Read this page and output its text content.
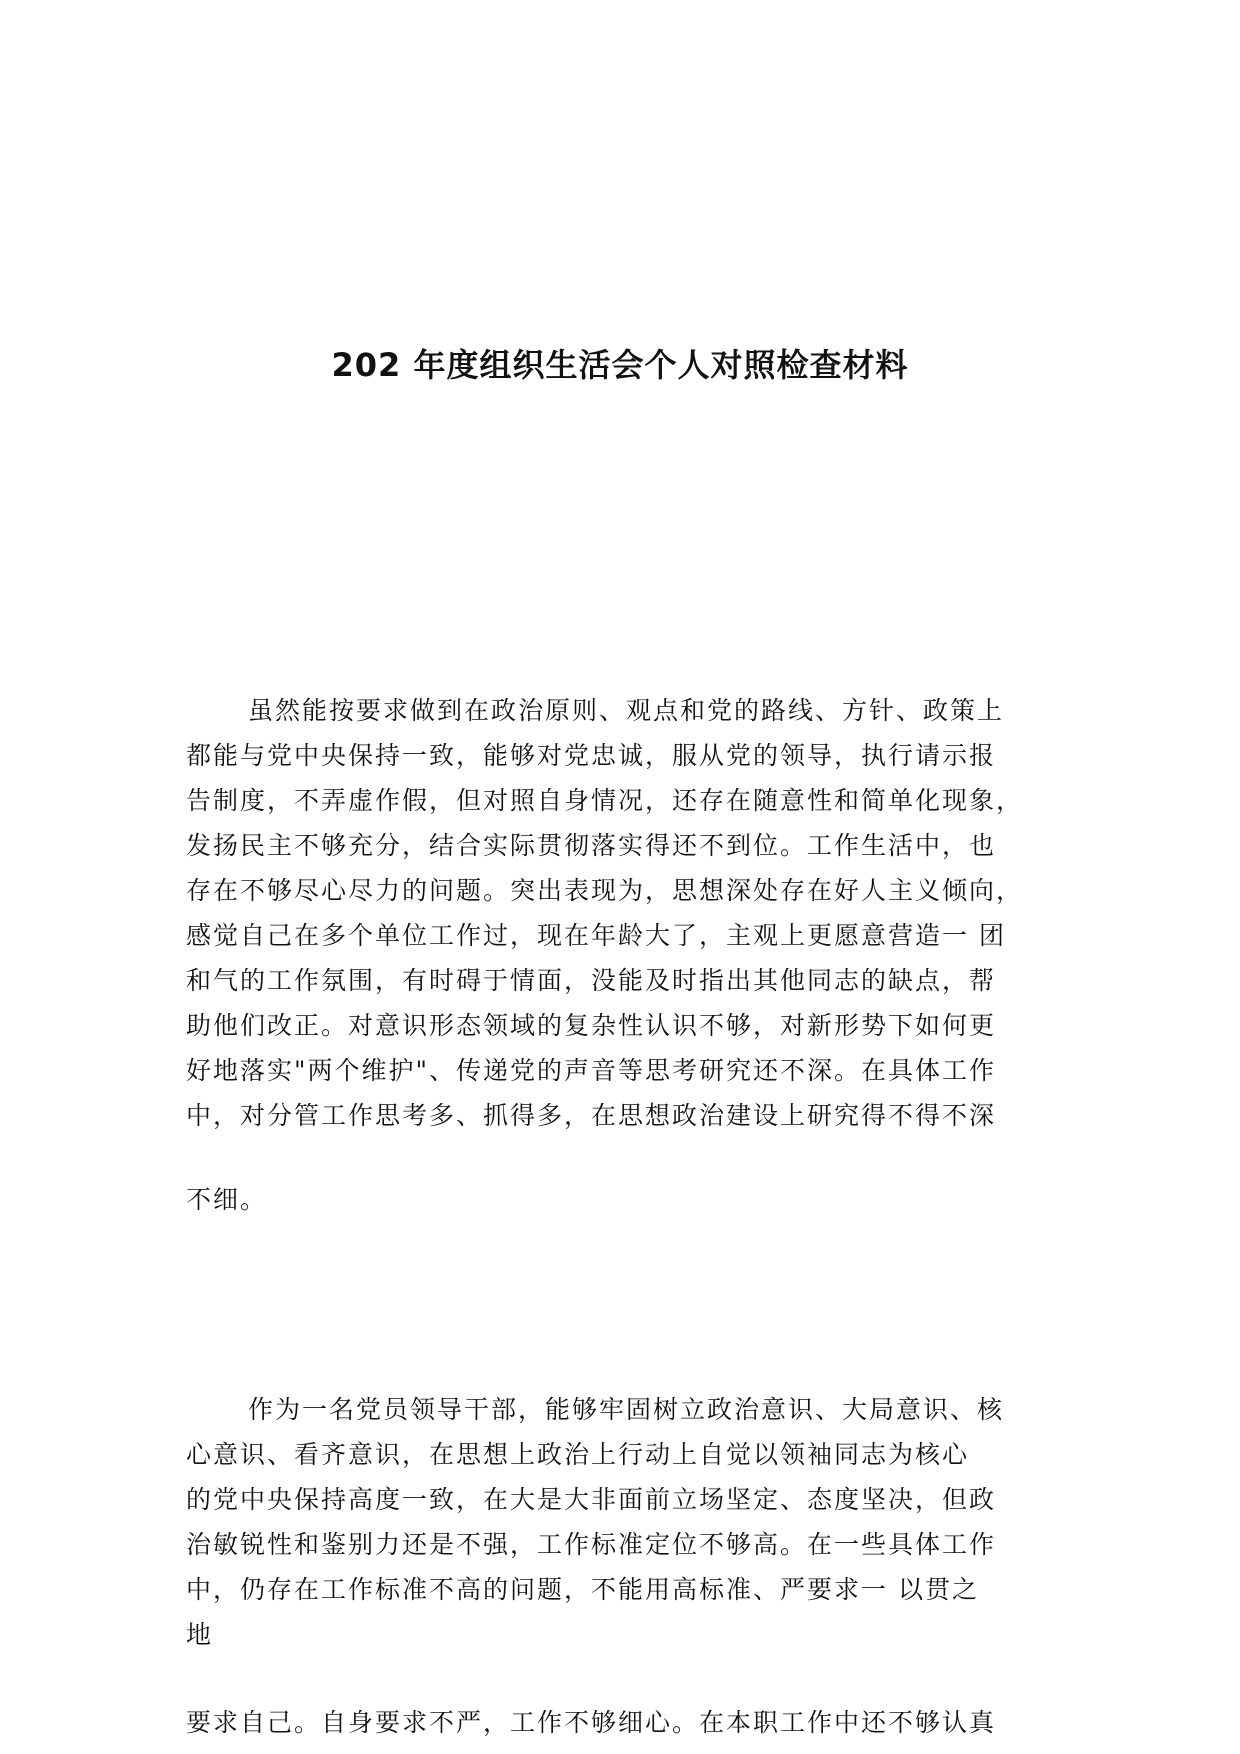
202 年度组织生活会个人对照检查材料
虽然能按要求做到在政治原则、观点和党的路线、方针、政策上
都能与党中央保持一致，能够对党忠诚，服从党的领导，执行请示报
告制度，不弄虚作假，但对照自身情况，还存在随意性和简单化现象，
发扬民主不够充分，结合实际贯彻落实得还不到位。工作生活中，也
存在不够尽心尽力的问题。突出表现为，思想深处存在好人主义倾向，
感觉自己在多个单位工作过，现在年龄大了，主观上更愿意营造一 团
和气的工作氛围，有时碍于情面，没能及时指出其他同志的缺点，帮
助他们改正。对意识形态领域的复杂性认识不够，对新形势下如何更
好地落实"两个维护"、传递党的声音等思考研究还不深。在具体工作
中，对分管工作思考多、抓得多，在思想政治建设上研究得不得不深
不细。
作为一名党员领导干部，能够牢固树立政治意识、大局意识、核
心意识、看齐意识，在思想上政治上行动上自觉以领袖同志为核心
的党中央保持高度一致，在大是大非面前立场坚定、态度坚决，但政
治敏锐性和鉴别力还是不强，工作标准定位不够高。在一些具体工作
中，仍存在工作标准不高的问题，不能用高标准、严要求一 以贯之
地
要求自己。自身要求不严，工作不够细心。在本职工作中还不够认真
